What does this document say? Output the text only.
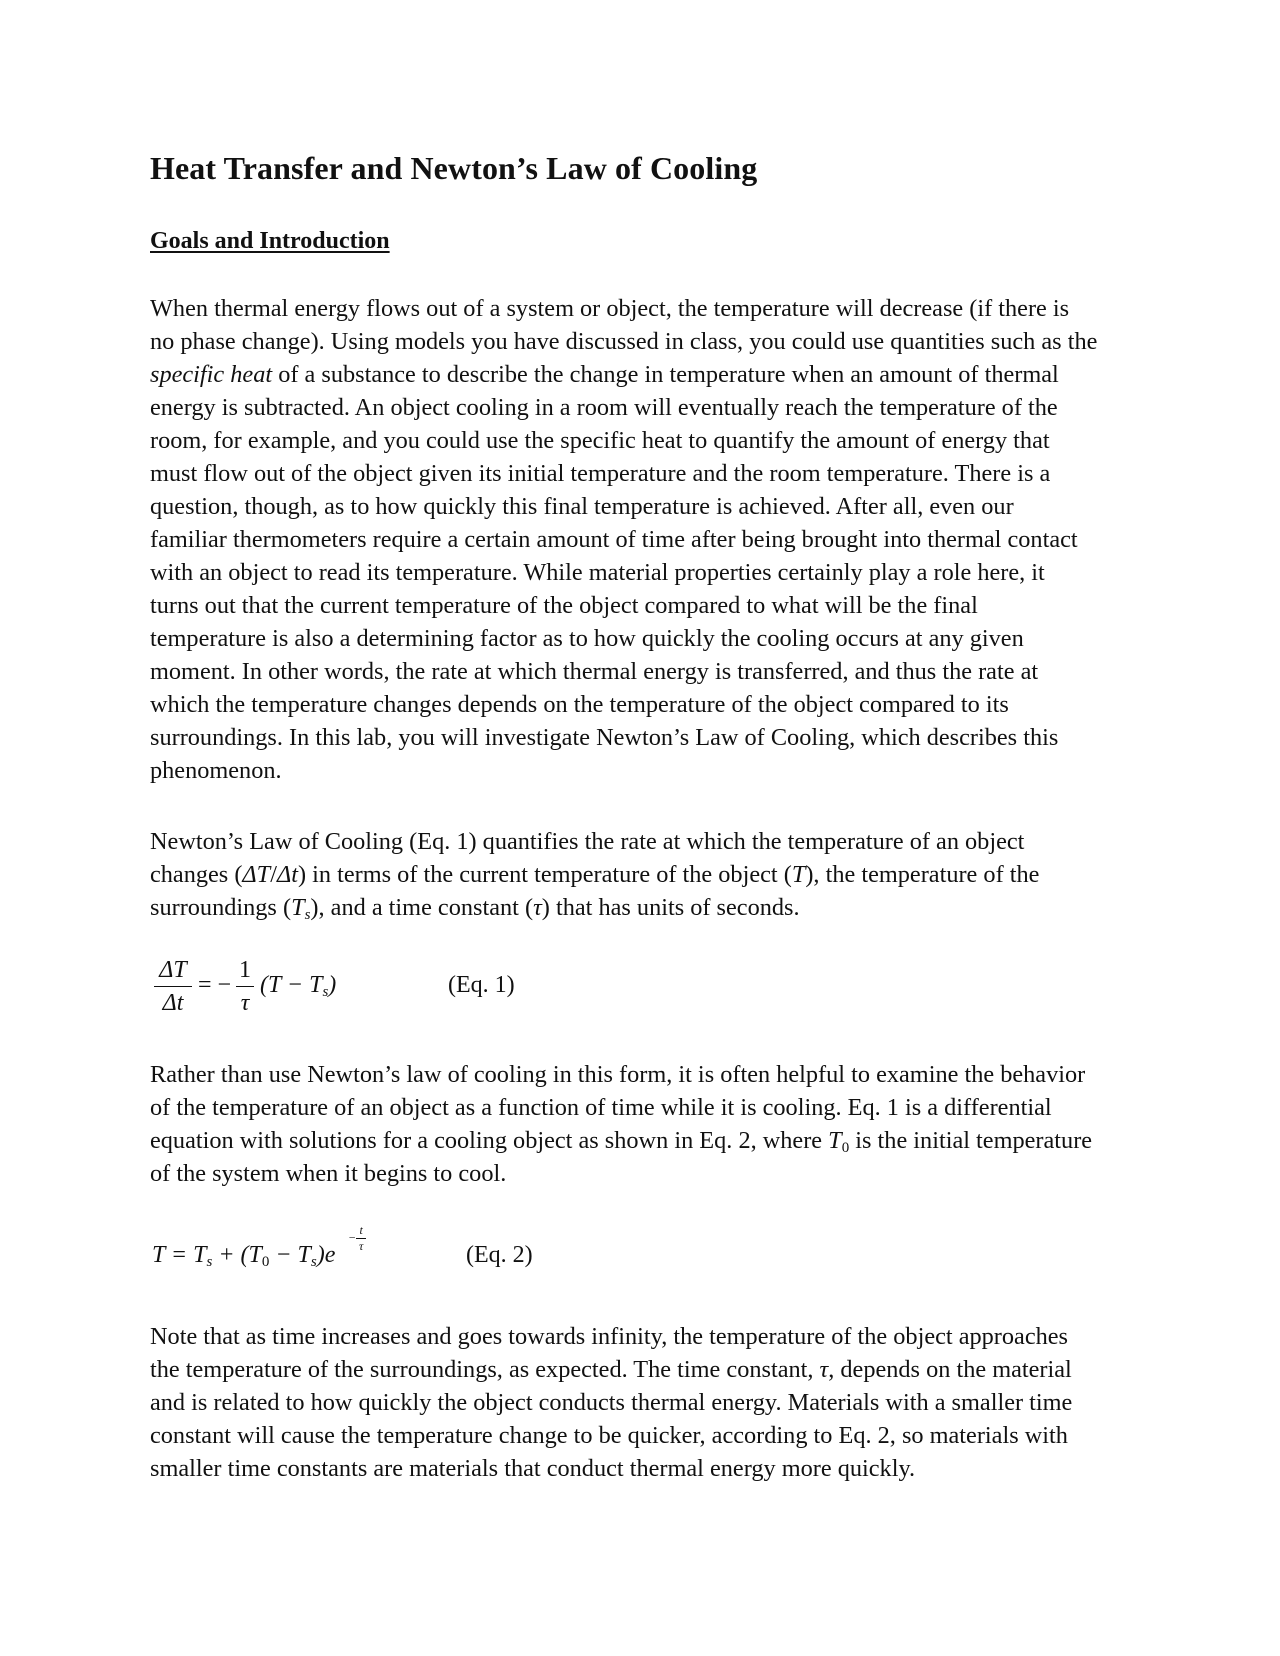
Heat Transfer and Newton’s Law of Cooling
Goals and Introduction

When thermal energy flows out of a system or object, the temperature will decrease (if there is
no phase change). Using models you have discussed in class, you could use quantities such as the
specific heat of a substance to describe the change in temperature when an amount of thermal
energy is subtracted. An object cooling in a room will eventually reach the temperature of the
room, for example, and you could use the specific heat to quantify the amount of energy that
must flow out of the object given its initial temperature and the room temperature. There is a
question, though, as to how quickly this final temperature is achieved. After all, even our
familiar thermometers require a certain amount of time after being brought into thermal contact
with an object to read its temperature. While material properties certainly play a role here, it
turns out that the current temperature of the object compared to what will be the final
temperature is also a determining factor as to how quickly the cooling occurs at any given
moment. In other words, the rate at which thermal energy is transferred, and thus the rate at
which the temperature changes depends on the temperature of the object compared to its
surroundings. In this lab, you will investigate Newton’s Law of Cooling, which describes this
phenomenon.

Newton’s Law of Cooling (Eq. 1) quantifies the rate at which the temperature of an object
changes (ΔT/Δt) in terms of the current temperature of the object (T), the temperature of the
surroundings $(T_s)$, and a time constant (τ) that has units of seconds.

ΔT
Δt
= −
1
τ
$(T - T_s)$	(Eq. 1)

Rather than use Newton’s law of cooling in this form, it is often helpful to examine the behavior
of the temperature of an object as a function of time while it is cooling. Eq. 1 is a differential
equation with solutions for a cooling object as shown in Eq. 2, where $T_0$ is the initial temperature
of the system when it begins to cool.

$T = T_s + (T_0 - T_s)e$
− $\frac{t}{\tau}$
(Eq. 2)

Note that as time increases and goes towards infinity, the temperature of the object approaches
the temperature of the surroundings, as expected. The time constant, τ, depends on the material
and is related to how quickly the object conducts thermal energy. Materials with a smaller time
constant will cause the temperature change to be quicker, according to Eq. 2, so materials with
smaller time constants are materials that conduct thermal energy more quickly.
